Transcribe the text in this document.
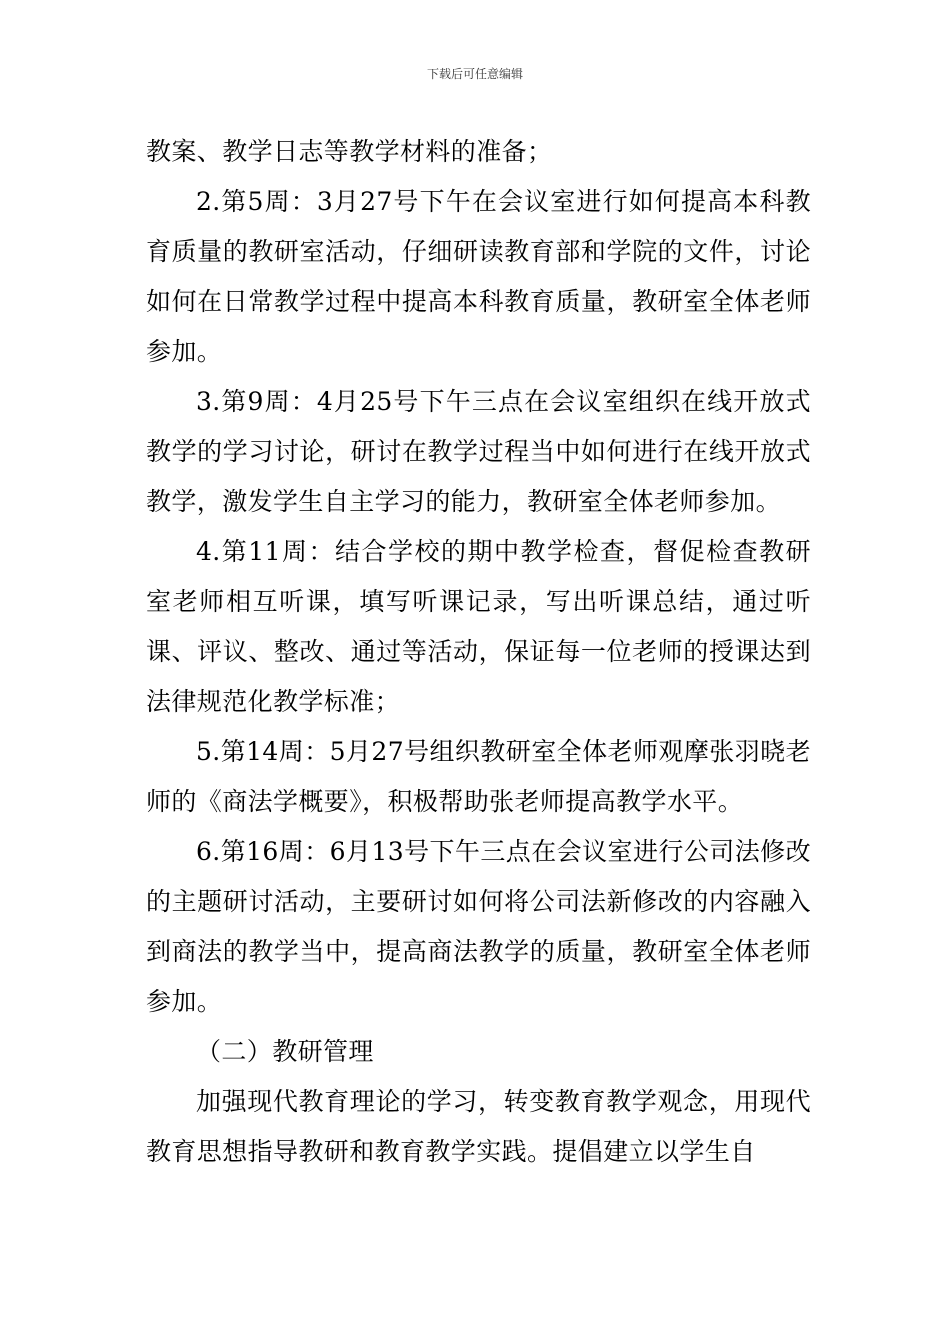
下载后可任意编辑

教案、教学日志等教学材料的准备；

2.第5周：3月27号下午在会议室进行如何提高本科教育质量的教研室活动，仔细研读教育部和学院的文件，讨论如何在日常教学过程中提高本科教育质量，教研室全体老师参加。

3.第9周：4月25号下午三点在会议室组织在线开放式教学的学习讨论，研讨在教学过程当中如何进行在线开放式教学，激发学生自主学习的能力，教研室全体老师参加。

4.第11周：结合学校的期中教学检查，督促检查教研室老师相互听课，填写听课记录，写出听课总结，通过听课、评议、整改、通过等活动，保证每一位老师的授课达到法律规范化教学标准；

5.第14周：5月27号组织教研室全体老师观摩张羽晓老师的《商法学概要》，积极帮助张老师提高教学水平。

6.第16周：6月13号下午三点在会议室进行公司法修改的主题研讨活动，主要研讨如何将公司法新修改的内容融入到商法的教学当中，提高商法教学的质量，教研室全体老师参加。

（二）教研管理

加强现代教育理论的学习，转变教育教学观念，用现代教育思想指导教研和教育教学实践。提倡建立以学生自
